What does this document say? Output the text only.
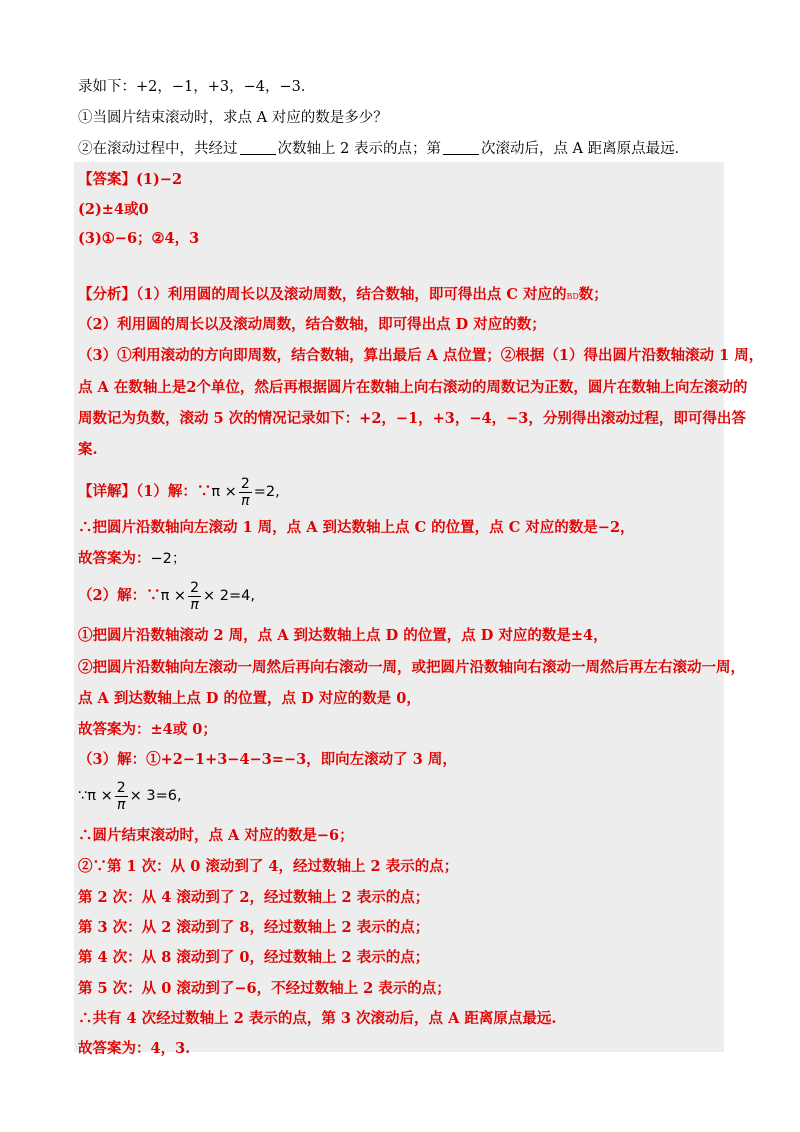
录如下：+2，−1，+3，−4，−3．
①当圆片结束滚动时，求点 A 对应的数是多少？
②在滚动过程中，共经过	次数轴上 2 表示的点；第	次滚动后，点 A 距离原点最远．
【答案】(1)−2
(2)±4或0
(3)①−6；②4，3
【分析】（1）利用圆的周长以及滚动周数，结合数轴，即可得出点 C 对应的BD数；
（2）利用圆的周长以及滚动周数，结合数轴，即可得出点 D 对应的数；
（3）①利用滚动的方向即周数，结合数轴，算出最后 A 点位置；②根据（1）得出圆片沿数轴滚动 1 周，
点 A 在数轴上是2个单位，然后再根据圆片在数轴上向右滚动的周数记为正数，圆片在数轴上向左滚动的
周数记为负数，滚动 5 次的情况记录如下：+2，−1，+3，−4，−3，分别得出滚动过程，即可得出答
案.
【详解】（1）解：∵π × $\frac{2}{\pi} =2$,
∴把圆片沿数轴向左滚动 1 周，点 A 到达数轴上点 C 的位置，点 C 对应的数是−2，
故答案为：−2；
（2）解：∵π × $\frac{2}{\pi} \times 2=4$,
①把圆片沿数轴滚动 2 周，点 A 到达数轴上点 D 的位置，点 D 对应的数是±4，
②把圆片沿数轴向左滚动一周然后再向右滚动一周，或把圆片沿数轴向右滚动一周然后再左右滚动一周，
点 A 到达数轴上点 D 的位置，点 D 对应的数是 0，
故答案为：±4或 0；
（3）解：①+2−1+3−4−3=−3，即向左滚动了 3 周，
∵π × $\frac{2}{\pi} \times 3=6$,
∴圆片结束滚动时，点 A 对应的数是−6；
②∵第 1 次：从 0 滚动到了 4，经过数轴上 2 表示的点；
第 2 次：从 4 滚动到了 2，经过数轴上 2 表示的点；
第 3 次：从 2 滚动到了 8，经过数轴上 2 表示的点；
第 4 次：从 8 滚动到了 0，经过数轴上 2 表示的点；
第 5 次：从 0 滚动到了−6，不经过数轴上 2 表示的点；
∴共有 4 次经过数轴上 2 表示的点，第 3 次滚动后，点 A 距离原点最远.
故答案为：4，3.
